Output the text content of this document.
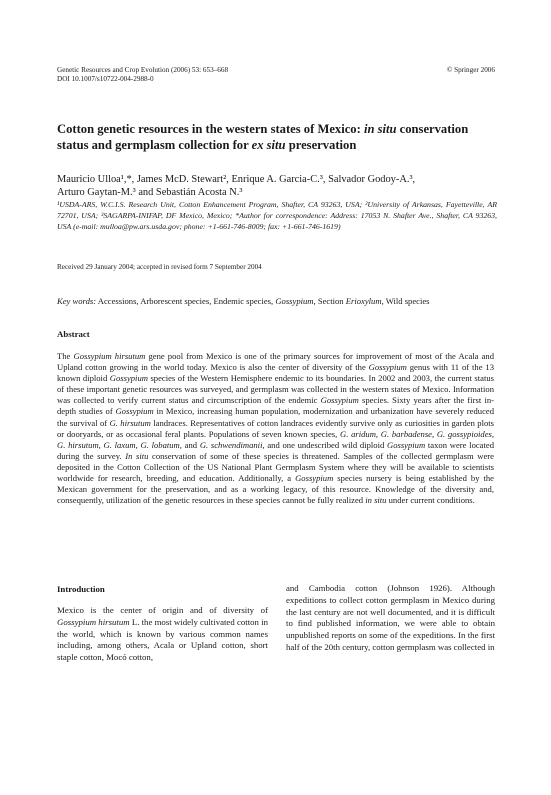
Genetic Resources and Crop Evolution (2006) 53: 653–668
DOI 10.1007/s10722-004-2988-0
© Springer 2006
Cotton genetic resources in the western states of Mexico: in situ conservation status and germplasm collection for ex situ preservation
Mauricio Ulloa¹,*, James McD. Stewart², Enrique A. Garcia-C.³, Salvador Godoy-A.³,
Arturo Gaytan-M.³ and Sebastián Acosta N.³
¹USDA-ARS, W.C.I.S. Research Unit, Cotton Enhancement Program, Shafter, CA 93263, USA; ²University of Arkansas, Fayetteville, AR 72701, USA; ³SAGARPA-INIFAP, DF Mexico, Mexico; *Author for correspondence: Address: 17053 N. Shafter Ave., Shafter, CA 93263, USA (e-mail: mulloa@pw.ars.usda.gov; phone: +1-661-746-8009; fax: +1-661-746-1619)
Received 29 January 2004; accepted in revised form 7 September 2004
Key words: Accessions, Arborescent species, Endemic species, Gossypium, Section Erioxylum, Wild species
Abstract
The Gossypium hirsutum gene pool from Mexico is one of the primary sources for improvement of most of the Acala and Upland cotton growing in the world today. Mexico is also the center of diversity of the Gossypium genus with 11 of the 13 known diploid Gossypium species of the Western Hemisphere endemic to its boundaries. In 2002 and 2003, the current status of these important genetic resources was surveyed, and germplasm was collected in the western states of Mexico. Information was collected to verify current status and circumscription of the endemic Gossypium species. Sixty years after the first in-depth studies of Gossypium in Mexico, increasing human population, modernization and urbanization have severely reduced the survival of G. hirsutum landraces. Representatives of cotton landraces evidently survive only as curiosities in garden plots or dooryards, or as occasional feral plants. Populations of seven known species, G. aridum, G. barbadense, G. gossypioides, G. hirsutum, G. laxum, G. lobatum, and G. schwendimanii, and one undescribed wild diploid Gossypium taxon were located during the survey. In situ conservation of some of these species is threatened. Samples of the collected germplasm were deposited in the Cotton Collection of the US National Plant Germplasm System where they will be available to scientists worldwide for research, breeding, and education. Additionally, a Gossypium species nursery is being established by the Mexican government for the preservation, and as a working legacy, of this resource. Knowledge of the diversity and, consequently, utilization of the genetic resources in these species cannot be fully realized in situ under current conditions.
Introduction
Mexico is the center of origin and of diversity of Gossypium hirsutum L. the most widely cultivated cotton in the world, which is known by various common names including, among others, Acala or Upland cotton, short staple cotton, Mocó cotton,
and Cambodia cotton (Johnson 1926). Although expeditions to collect cotton germplasm in Mexico during the last century are not well documented, and it is difficult to find published information, we were able to obtain unpublished reports on some of the expeditions. In the first half of the 20th century, cotton germplasm was collected in
